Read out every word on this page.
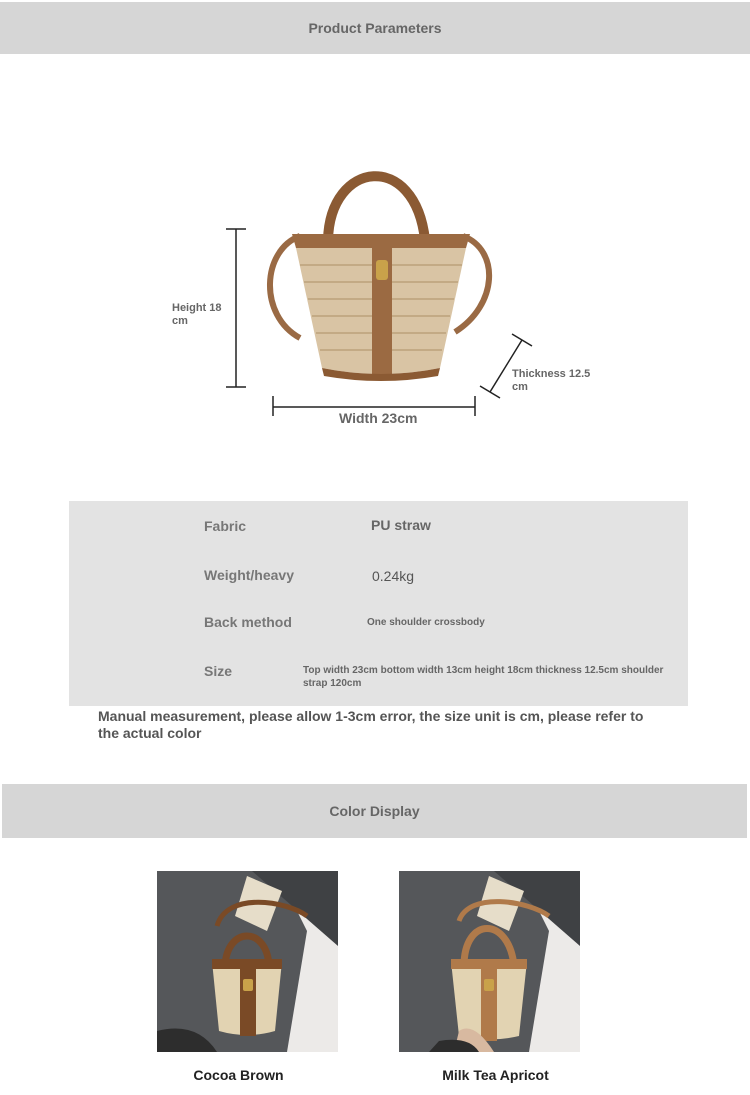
Product Parameters
Height 18 cm
Width 23cm
Thickness 12.5 cm
Fabric	PU straw
Weight/heavy	0.24kg
Back method	One shoulder crossbody
Size	Top width 23cm bottom width 13cm height 18cm thickness 12.5cm shoulder strap 120cm
Manual measurement, please allow 1-3cm error, the size unit is cm, please refer to the actual color
Color Display
Cocoa Brown	Milk Tea Apricot
